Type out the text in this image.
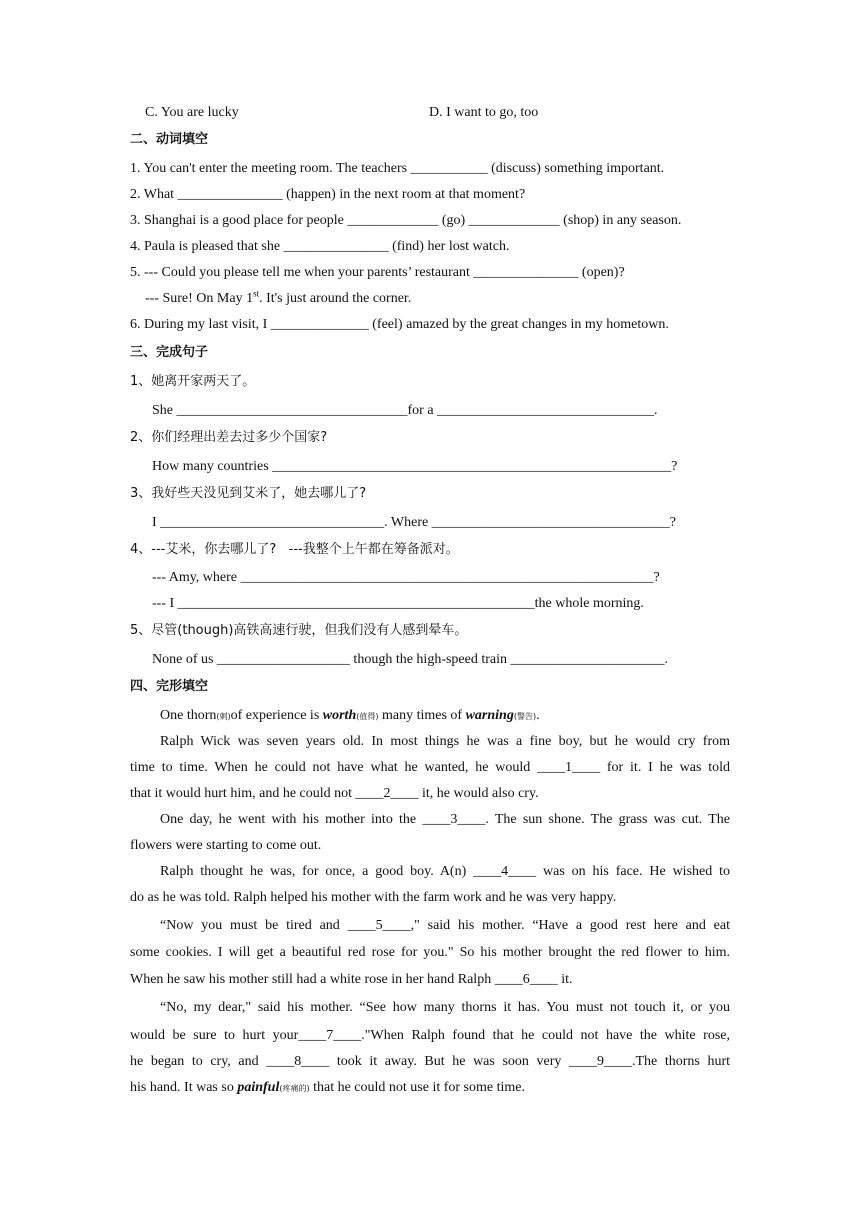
C. You are lucky	D. I want to go, too
二、动词填空
1. You can't enter the meeting room. The teachers ___________ (discuss) something important.
2. What _______________ (happen) in the next room at that moment?
3. Shanghai is a good place for people _____________ (go) _____________ (shop) in any season.
4. Paula is pleased that she _______________ (find) her lost watch.
5. --- Could you please tell me when your parents’ restaurant _______________ (open)?
--- Sure! On May 1st. It's just around the corner.
6. During my last visit, I ______________ (feel) amazed by the great changes in my hometown.
三、完成句子
1、她离开家两天了。
She _________________________________for a _______________________________.
2、你们经理出差去过多少个国家?
How many countries _________________________________________________________?
3、我好些天没见到艾米了，她去哪儿了?
I ________________________________. Where __________________________________?
4、---艾米，你去哪儿了?   ---我整个上午都在筹备派对。
--- Amy, where ___________________________________________________________?
--- I ___________________________________________________the whole morning.
5、尽管(though)高铁高速行驶，但我们没有人感到晕车。
None of us ___________________ though the high-speed train ______________________.
四、完形填空
One thorn(刺)of experience is worth(值得) many times of warning(警告).
Ralph Wick was seven years old. In most things he was a fine boy, but he would cry from
time to time. When he could not have what he wanted, he would ____1____ for it. I he was told
that it would hurt him, and he could not ____2____ it, he would also cry.
One day, he went with his mother into the ____3____. The sun shone. The grass was cut. The
flowers were starting to come out.
Ralph thought he was, for once, a good boy. A(n) ____4____ was on his face. He wished to
do as he was told. Ralph helped his mother with the farm work and he was very happy.
“Now you must be tired and ____5____," said his mother. “Have a good rest here and eat
some cookies. I will get a beautiful red rose for you." So his mother brought the red flower to him.
When he saw his mother still had a white rose in her hand Ralph ____6____ it.
“No, my dear," said his mother. “See how many thorns it has. You must not touch it, or you
would be sure to hurt your____7____."When Ralph found that he could not have the white rose,
he began to cry, and ____8____ took it away. But he was soon very ____9____.The thorns hurt
his hand. It was so painful(疼痛的) that he could not use it for some time.
